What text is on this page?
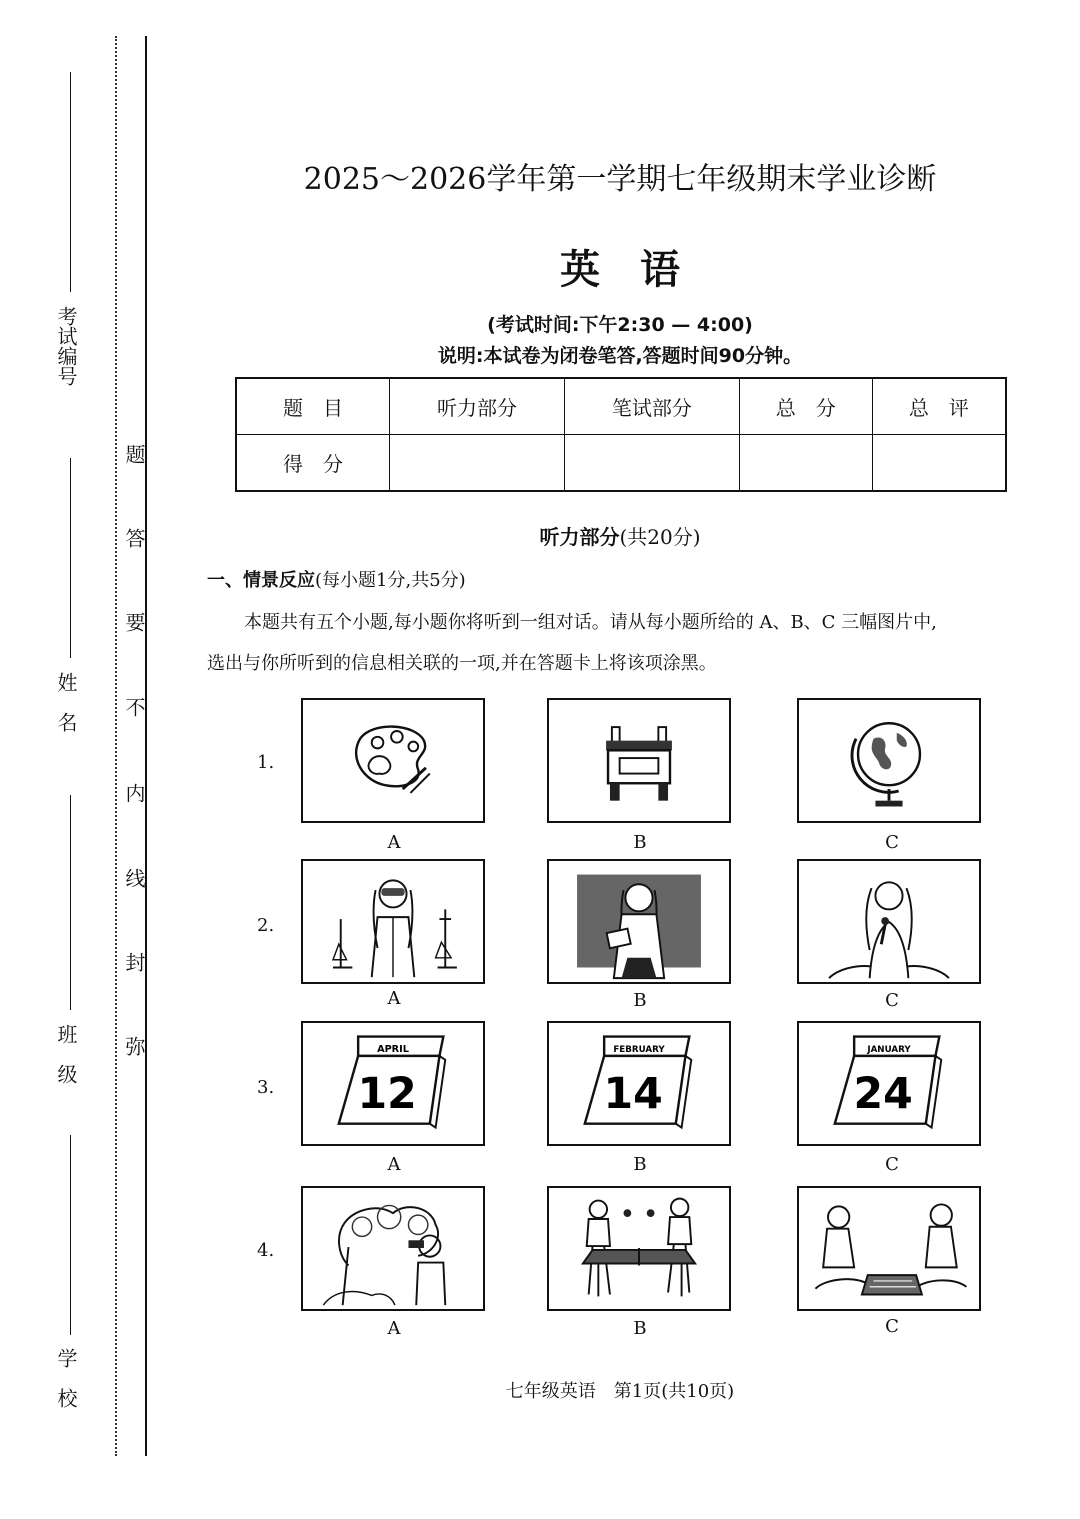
考试编号
姓　名
班　级
学　校
题
答
要
不
内
线
封
弥
2025～2026学年第一学期七年级期末学业诊断
英　语
(考试时间:下午2:30 — 4:00)
说明:本试卷为闭卷笔答,答题时间90分钟。
题　目	听力部分	笔试部分	总　分	总　评
得　分				
听力部分(共20分)
一、情景反应(每小题1分,共5分)
本题共有五个小题,每小题你将听到一组对话。请从每小题所给的 A、B、C 三幅图片中,
选出与你所听到的信息相关联的一项,并在答题卡上将该项涂黑。
1.
A	B	C
2.
A	B	C
3.
APRIL
12
A
FEBRUARY
14
B
JANUARY
24
C
4.
A	B	C
七年级英语　第1页(共10页)
